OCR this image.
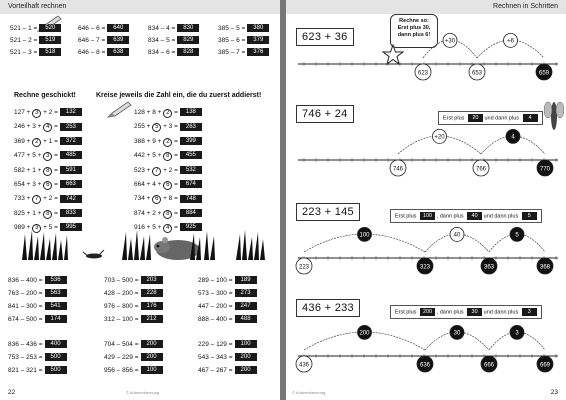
Vorteilhaft rechnen
Rechne geschickt!	Kreise jeweils die Zahl ein, die du zuerst addierst!
22	© Autorenkennung
521 – 1 = 520	646 – 6 = 640	834 – 4 = 830	385 – 5 = 380
521 – 2 = 519	646 – 7 = 639	834 – 5 = 829	385 – 6 = 379
521 – 3 = 518	646 – 8 = 638	834 – 6 = 828	385 – 7 = 376
127 + 3 + 2 = 132
246 + 3 + 4 = 253
369 + 2 + 1 = 372
477 + 5 + 3 = 485
582 + 1 + 8 = 591
654 + 3 + 6 = 663
733 + 7 + 2 = 742
825 + 1 + 8 = 833
989 + 3 + 5 = 995
128 + 8 + 2 = 138
255 + 5 + 3 = 263
388 + 9 + 2 = 399
442 + 5 + 8 = 455
523 + 7 + 2 = 532
664 + 4 + 6 = 674
734 + 6 + 8 = 748
874 + 2 + 8 = 884
916 + 5 + 4 = 925
836 – 400 = 536	703 – 500 = 203	289 – 100 = 189
763 – 200 = 563	428 – 200 = 228	573 – 300 = 273
841 – 300 = 541	976 – 800 = 176	447 – 200 = 247
674 – 500 = 174	312 – 100 = 212	888 – 400 = 488
836 – 436 = 400	704 – 504 = 200	229 – 129 = 100
753 – 253 = 500	429 – 229 = 200	543 – 343 = 200
821 – 321 = 500	956 – 856 = 100	467 – 267 = 200
Rechnen in Schritten
Rechne so:
Erst plus 30,
dann plus 6!
623 + 36
746 + 24
223 + 145
436 + 233
Erst plus 20 und dann plus 4
Erst plus 100 , dann plus 40 und dann plus 5
Erst plus 200 , dann plus 30 und dann plus 3
+30	+6
623	653	659
+20	4
746	766	770
100	40	5
223	323	363	368
200	30	3
436	636	666	669
23
© Autorenkennung
